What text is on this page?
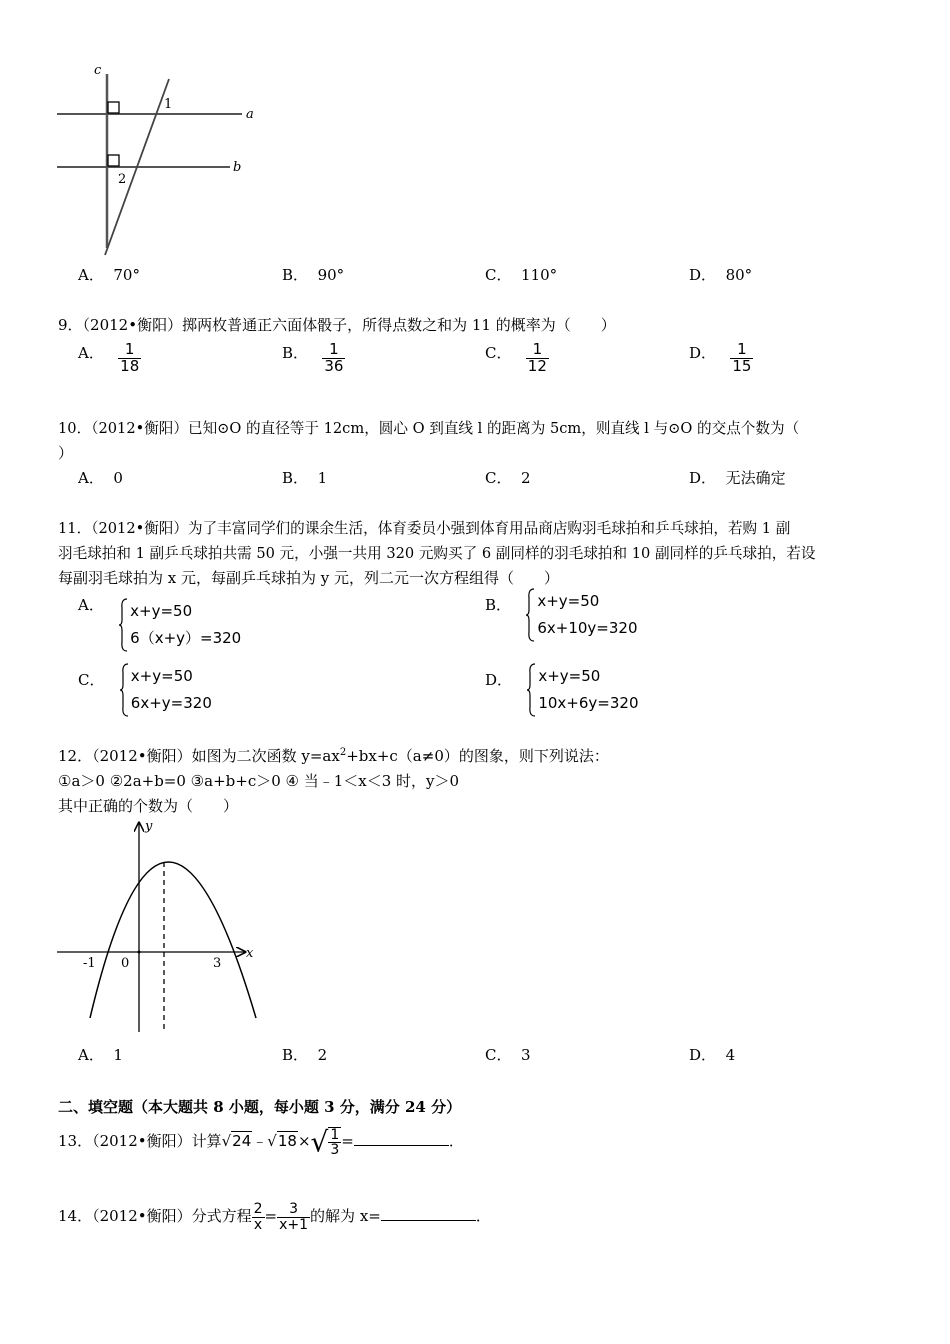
c
a
b
1
2
A． 70°	B． 90°	C． 110°	D． 80°
9．（2012•衡阳）掷两枚普通正六面体骰子，所得点数之和为 11 的概率为（　　）
A． $\frac{1}{18}$	B． $\frac{1}{36}$	C． $\frac{1}{12}$	D． $\frac{1}{15}$
10．（2012•衡阳）已知⊙O 的直径等于 12cm，圆心 O 到直线 l 的距离为 5cm，则直线 l 与⊙O 的交点个数为（
）
A． 0	B． 1	C． 2	D． 无法确定
11．（2012•衡阳）为了丰富同学们的课余生活，体育委员小强到体育用品商店购羽毛球拍和乒乓球拍，若购 1 副
羽毛球拍和 1 副乒乓球拍共需 50 元，小强一共用 320 元购买了 6 副同样的羽毛球拍和 10 副同样的乒乓球拍，若设
每副羽毛球拍为 x 元，每副乒乓球拍为 y 元，列二元一次方程组得（　　）
A． x+y=50
6（x+y）=320
B． x+y=50
6x+10y=320
C． x+y=50
6x+y=320
D． x+y=50
10x+6y=320
12．（2012•衡阳）如图为二次函数 $y=ax^2+bx+c(a\ne 0)$的图象，则下列说法：
①a＞0 ②2a+b=0 ③a+b+c＞0 ④ 当﹣1＜x＜3 时，y＞0
其中正确的个数为（　　）
y
x
-1 0	3
A． 1	B． 2	C． 3	D． 4
二、填空题（本大题共 8 小题，每小题 3 分，满分 24 分）
13．（2012•衡阳）计算√24﹣√18×√ $\frac{1}{3}$ =	．
14．（2012•衡阳）分式方程 $\frac{2}{x} = \frac{3}{x+1}$ 的解为 x=	．
